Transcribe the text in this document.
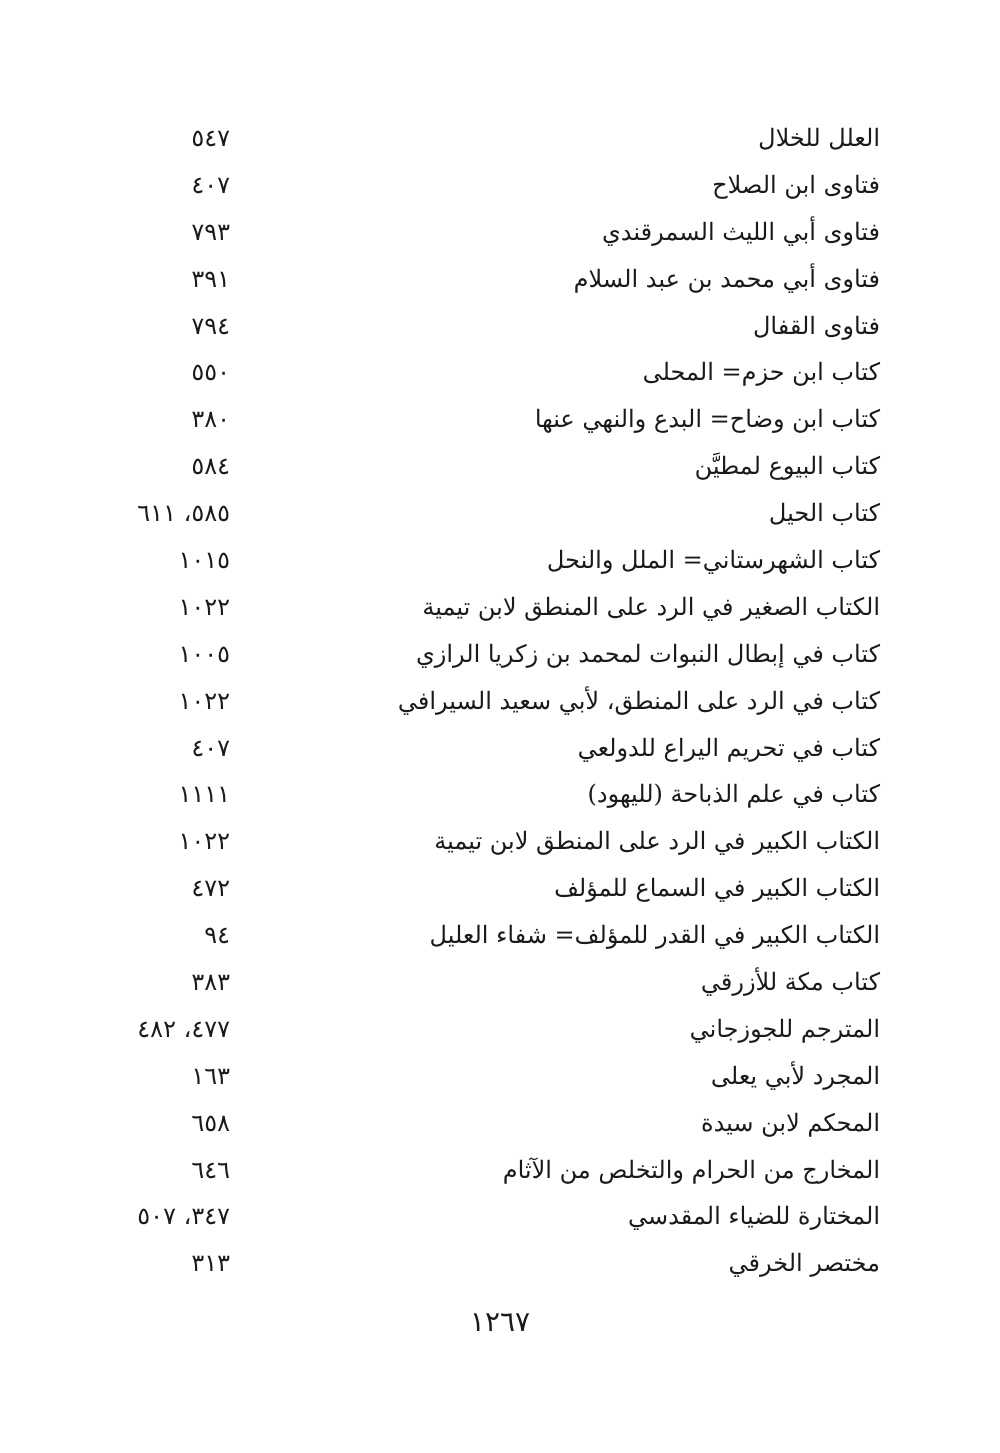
العلل للخلال
٥٤٧
فتاوى ابن الصلاح
٤٠٧
فتاوى أبي الليث السمرقندي
٧٩٣
فتاوى أبي محمد بن عبد السلام
٣٩١
فتاوى القفال
٧٩٤
كتاب ابن حزم= المحلى
٥٥٠
كتاب ابن وضاح= البدع والنهي عنها
٣٨٠
كتاب البيوع لمطيَّن
٥٨٤
كتاب الحيل
٥٨٥، ٦١١
كتاب الشهرستاني= الملل والنحل
١٠١٥
الكتاب الصغير في الرد على المنطق لابن تيمية
١٠٢٢
كتاب في إبطال النبوات لمحمد بن زكريا الرازي
١٠٠٥
كتاب في الرد على المنطق، لأبي سعيد السيرافي
١٠٢٢
كتاب في تحريم اليراع للدولعي
٤٠٧
كتاب في علم الذباحة (لليهود)
١١١١
الكتاب الكبير في الرد على المنطق لابن تيمية
١٠٢٢
الكتاب الكبير في السماع للمؤلف
٤٧٢
الكتاب الكبير في القدر للمؤلف= شفاء العليل
٩٤
كتاب مكة للأزرقي
٣٨٣
المترجم للجوزجاني
٤٧٧، ٤٨٢
المجرد لأبي يعلى
١٦٣
المحكم لابن سيدة
٦٥٨
المخارج من الحرام والتخلص من الآثام
٦٤٦
المختارة للضياء المقدسي
٣٤٧، ٥٠٧
مختصر الخرقي
٣١٣
١٢٦٧
